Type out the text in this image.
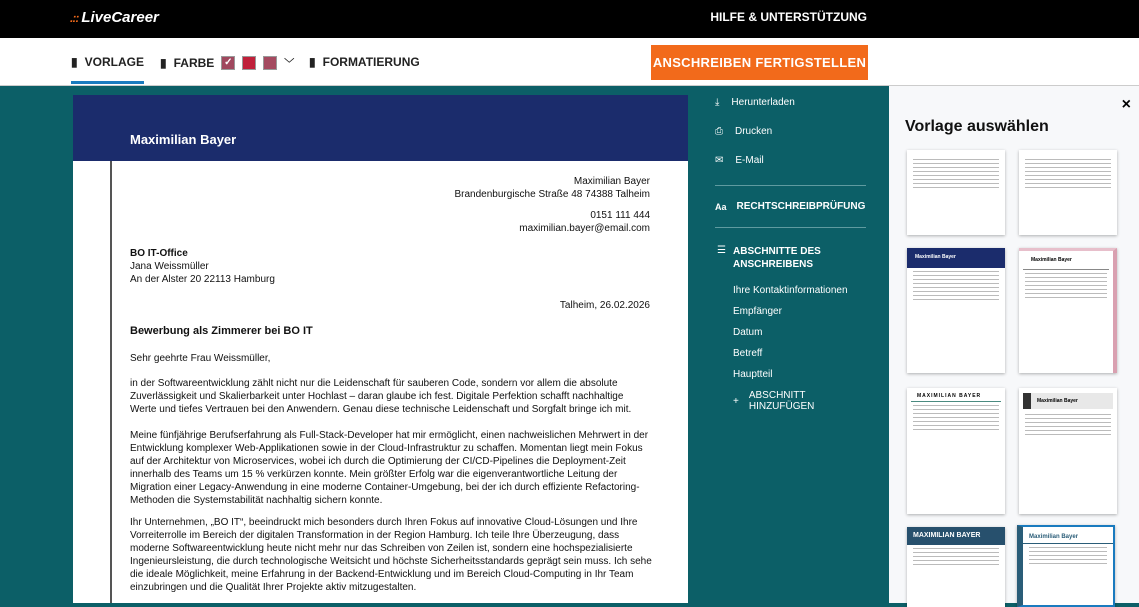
.:: LiveCareer	HILFE & UNTERSTÜTZUNG
▮ VORLAGE ▮ FARBE ✓	﹀ ▮ FORMATIERUNG	ANSCHREIBEN FERTIGSTELLEN
Maximilian Bayer
Maximilian Bayer
Brandenburgische Straße 48 74388 Talheim
0151 111 444
maximilian.bayer@email.com
BO IT-Office
Jana Weissmüller
An der Alster 20 22113 Hamburg
Talheim, 26.02.2026
Bewerbung als Zimmerer bei BO IT
Sehr geehrte Frau Weissmüller,
in der Softwareentwicklung zählt nicht nur die Leidenschaft für sauberen Code, sondern vor allem die absolute Zuverlässigkeit und Skalierbarkeit unter Hochlast – daran glaube ich fest. Digitale Perfektion schafft nachhaltige Werte und tiefes Vertrauen bei den Anwendern. Genau diese technische Leidenschaft und Sorgfalt bringe ich mit.
Meine fünfjährige Berufserfahrung als Full-Stack-Developer hat mir ermöglicht, einen nachweislichen Mehrwert in der Entwicklung komplexer Web-Applikationen sowie in der Cloud-Infrastruktur zu schaffen. Momentan liegt mein Fokus auf der Architektur von Microservices, wobei ich durch die Optimierung der CI/CD-Pipelines die Deployment-Zeit innerhalb des Teams um 15 % verkürzen konnte. Mein größter Erfolg war die eigenverantwortliche Leitung der Migration einer Legacy-Anwendung in eine moderne Container-Umgebung, bei der ich durch effiziente Refactoring-Methoden die Systemstabilität nachhaltig sichern konnte.
Ihr Unternehmen, „BO IT“, beeindruckt mich besonders durch Ihren Fokus auf innovative Cloud-Lösungen und Ihre Vorreiterrolle im Bereich der digitalen Transformation in der Region Hamburg. Ich teile Ihre Überzeugung, dass moderne Softwareentwicklung heute nicht mehr nur das Schreiben von Zeilen ist, sondern eine hochspezialisierte Ingenieursleistung, die durch technologische Weitsicht und höchste Sicherheitsstandards geprägt sein muss. Ich sehe die ideale Möglichkeit, meine Erfahrung in der Backend-Entwicklung und im Bereich Cloud-Computing in Ihr Team einzubringen und die Qualität Ihrer Projekte aktiv mitzugestalten.
⤓ Herunterladen
⎙ Drucken
✉ E-Mail
Aa RECHTSCHREIBPRÜFUNG
☰ ABSCHNITTE DES ANSCHREIBENS
Ihre Kontaktinformationen
Empfänger
Datum
Betreff
Hauptteil
+ ABSCHNITT HINZUFÜGEN
×
Vorlage auswählen
Maximilian Bayer	Maximilian Bayer
MAXIMILIAN BAYER
Maximilian Bayer
MAXIMILIAN BAYER	Maximilian Bayer
